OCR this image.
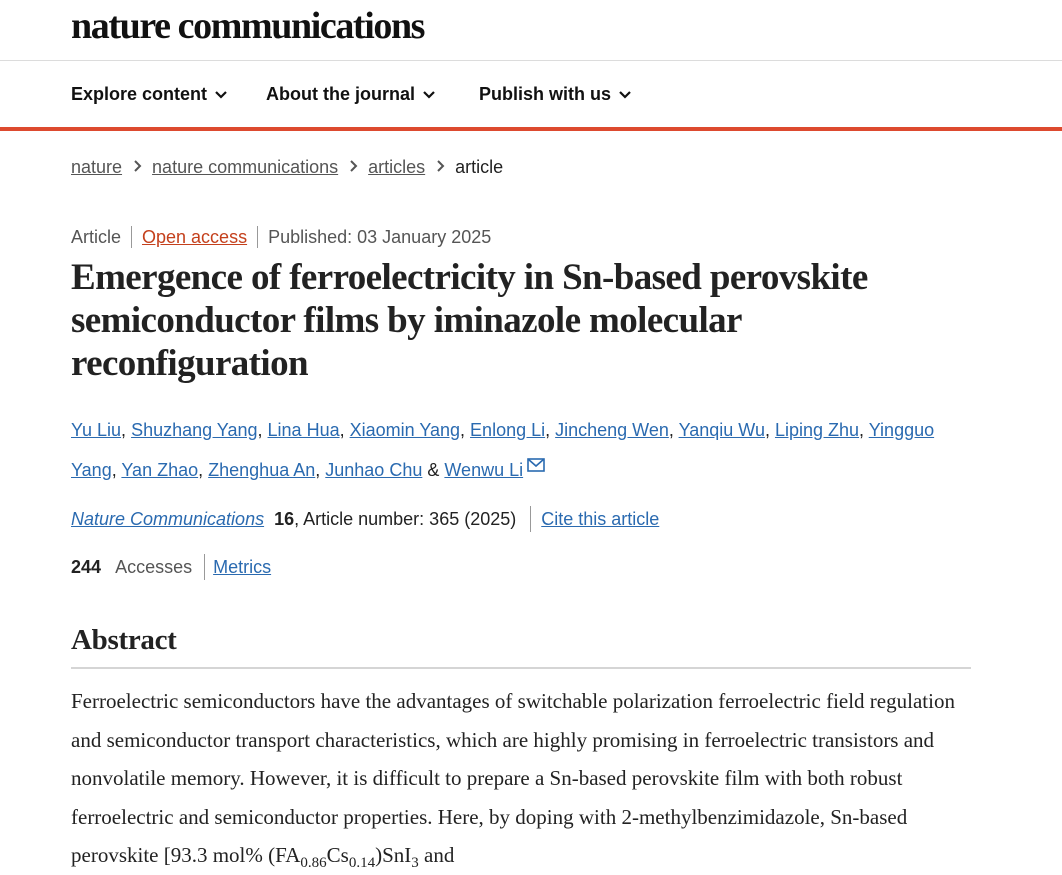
nature communications
Explore content	About the journal	Publish with us
nature nature communications articles article
Article Open access Published: 03 January 2025
Emergence of ferroelectricity in Sn-based perovskite semiconductor films by iminazole molecular reconfiguration
Yu Liu, Shuzhang Yang, Lina Hua, Xiaomin Yang, Enlong Li, Jincheng Wen, Yanqiu Wu, Liping Zhu, Yingguo Yang, Yan Zhao, Zhenghua An, Junhao Chu & Wenwu Li
Nature Communications 16, Article number: 365 (2025) Cite this article
244 Accesses Metrics
Abstract

Ferroelectric semiconductors have the advantages of switchable polarization ferroelectric field regulation and semiconductor transport characteristics, which are highly promising in ferroelectric transistors and nonvolatile memory. However, it is difficult to prepare a Sn-based perovskite film with both robust ferroelectric and semiconductor properties. Here, by doping with 2-methylbenzimidazole, Sn-based perovskite [93.3 mol% $(FA_{0.86}Cs_{0.14})SnI_3$ and
